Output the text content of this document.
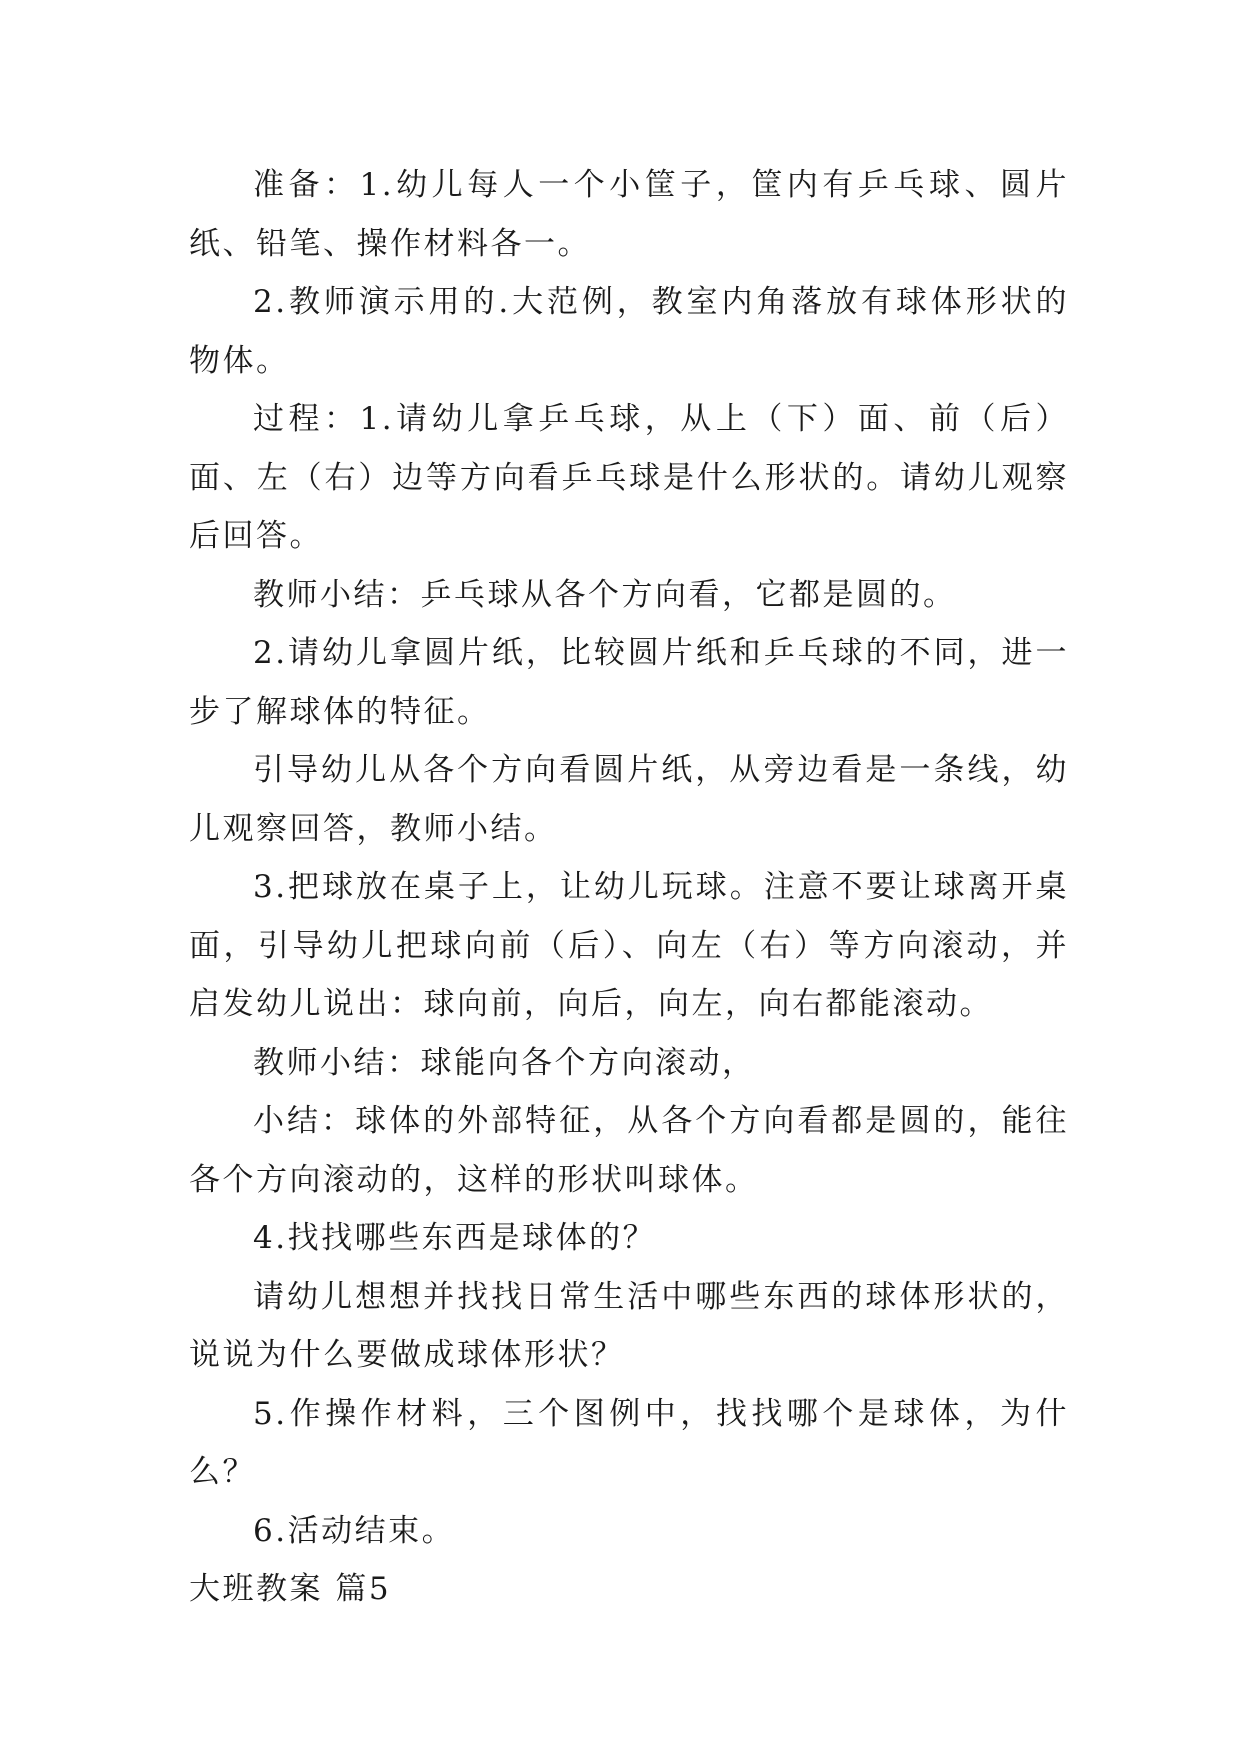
准备：1.幼儿每人一个小筐子，筐内有乒乓球、圆片纸、铅笔、操作材料各一。

2.教师演示用的.大范例，教室内角落放有球体形状的物体。

过程：1.请幼儿拿乒乓球，从上（下）面、前（后）面、左（右）边等方向看乒乓球是什么形状的。请幼儿观察后回答。

教师小结：乒乓球从各个方向看，它都是圆的。

2.请幼儿拿圆片纸，比较圆片纸和乒乓球的不同，进一步了解球体的特征。

引导幼儿从各个方向看圆片纸，从旁边看是一条线，幼儿观察回答，教师小结。

3.把球放在桌子上，让幼儿玩球。注意不要让球离开桌面，引导幼儿把球向前（后）、向左（右）等方向滚动，并启发幼儿说出：球向前，向后，向左，向右都能滚动。

教师小结：球能向各个方向滚动，

小结：球体的外部特征，从各个方向看都是圆的，能往各个方向滚动的，这样的形状叫球体。

4.找找哪些东西是球体的？

请幼儿想想并找找日常生活中哪些东西的球体形状的，说说为什么要做成球体形状？

5.作操作材料，三个图例中，找找哪个是球体，为什么？

6.活动结束。

大班教案 篇5
